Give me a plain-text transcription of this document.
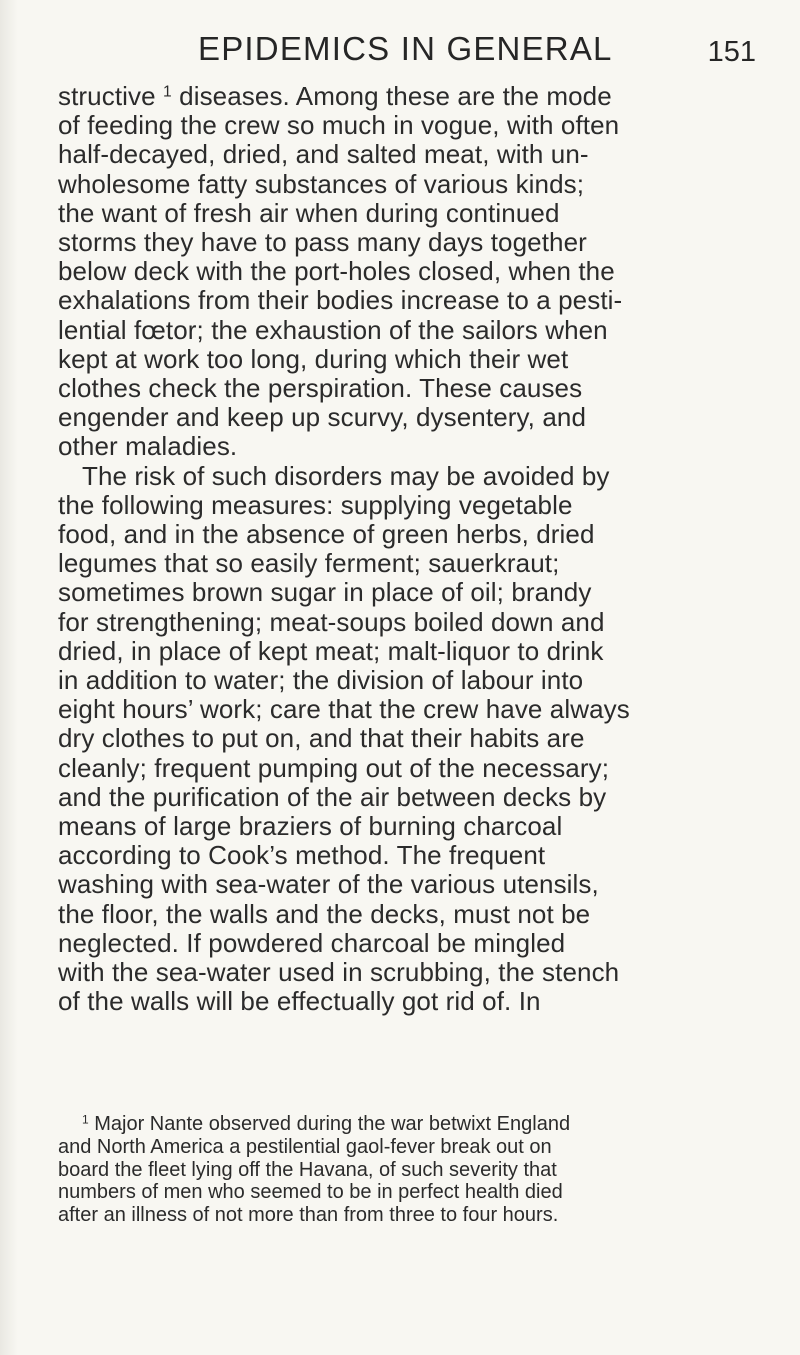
EPIDEMICS IN GENERAL	151

structive $^1$ diseases. Among these are the mode
of feeding the crew so much in vogue, with often
half-decayed, dried, and salted meat, with un-
wholesome fatty substances of various kinds;
the want of fresh air when during continued
storms they have to pass many days together
below deck with the port-holes closed, when the
exhalations from their bodies increase to a pesti-
lential fœtor; the exhaustion of the sailors when
kept at work too long, during which their wet
clothes check the perspiration. These causes
engender and keep up scurvy, dysentery, and
other maladies.

The risk of such disorders may be avoided by
the following measures: supplying vegetable
food, and in the absence of green herbs, dried
legumes that so easily ferment; sauerkraut;
sometimes brown sugar in place of oil; brandy
for strengthening; meat-soups boiled down and
dried, in place of kept meat; malt-liquor to drink
in addition to water; the division of labour into
eight hours’ work; care that the crew have always
dry clothes to put on, and that their habits are
cleanly; frequent pumping out of the necessary;
and the purification of the air between decks by
means of large braziers of burning charcoal
according to Cook’s method. The frequent
washing with sea-water of the various utensils,
the floor, the walls and the decks, must not be
neglected. If powdered charcoal be mingled
with the sea-water used in scrubbing, the stench
of the walls will be effectually got rid of. In

$^1$ Major Nante observed during the war betwixt England
and North America a pestilential gaol-fever break out on
board the fleet lying off the Havana, of such severity that
numbers of men who seemed to be in perfect health died
after an illness of not more than from three to four hours.
